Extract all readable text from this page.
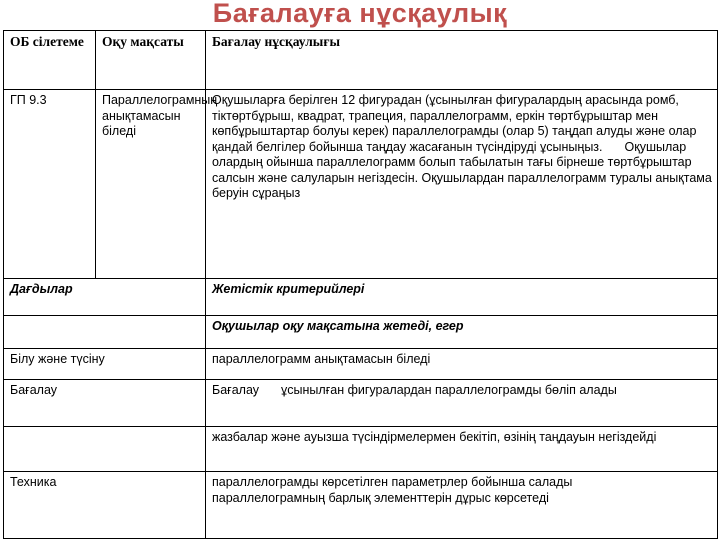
Бағалауға нұсқаулық
ОБ сілетеме	Оқу мақсаты	Бағалау нұсқаулығы
ГП 9.3	Параллелограмның анықтамасын біледі	Оқушыларға берілген 12 фигурадан (ұсынылған фигуралардың арасында ромб, тіктөртбұрыш, квадрат, трапеция, параллелограмм, еркін төртбұрыштар мен көпбұрыштартар болуы керек) параллелограмды (олар 5) таңдап алуды және олар қандай белгілер бойынша таңдау жасағанын түсіндіруді ұсыныңыз. Оқушылар олардың ойынша параллелограмм болып табылатын тағы бірнеше төртбұрыштар салсын және салуларын негіздесін. Оқушылардан параллелограмм туралы анықтама беруін сұраңыз
Дағдылар		Жетістік критерийлері
		Оқушылар оқу мақсатына жетеді, егер
Білу және түсіну		параллелограмм анықтамасын біледі
Бағалау		Бағалау ұсынылған фигуралардан параллелограмды бөліп алады
		жазбалар және ауызша түсіндірмелермен бекітіп, өзінің таңдауын негіздейді
Техника		параллелограмды көрсетілген параметрлер бойынша салады
параллелограмның барлық элементтерін дұрыс көрсетеді
